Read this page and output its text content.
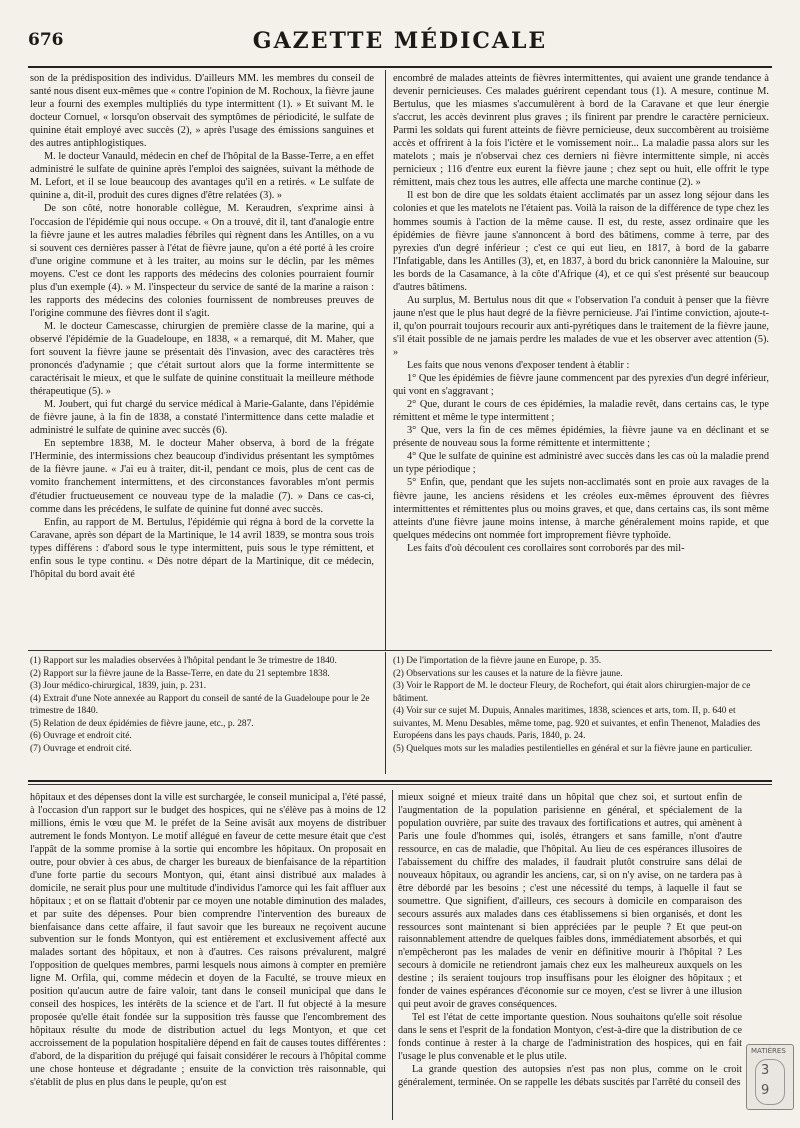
676	GAZETTE MÉDICALE

son de la prédisposition des individus. D'ailleurs MM. les membres du conseil de santé nous disent eux-mêmes que « contre l'opinion de M. Rochoux, la fièvre jaune leur a fourni des exemples multipliés du type intermittent (1). » Et suivant M. le docteur Cornuel, « lorsqu'on observait des symptômes de périodicité, le sulfate de quinine était employé avec succès (2), » après l'usage des émissions sanguines et des autres antiphlogistiques.

M. le docteur Vanauld, médecin en chef de l'hôpital de la Basse-Terre, a en effet administré le sulfate de quinine après l'emploi des saignées, suivant la méthode de M. Lefort, et il se loue beaucoup des avantages qu'il en a retirés. « Le sulfate de quinine a, dit-il, produit des cures dignes d'être relatées (3). »

De son côté, notre honorable collègue, M. Keraudren, s'exprime ainsi à l'occasion de l'épidémie qui nous occupe. « On a trouvé, dit il, tant d'analogie entre la fièvre jaune et les autres maladies fébriles qui règnent dans les Antilles, on a vu si souvent ces dernières passer à l'état de fièvre jaune, qu'on a été porté à les croire d'une origine commune et à les traiter, au moins sur le déclin, par les mêmes moyens. C'est ce dont les rapports des médecins des colonies pourraient fournir plus d'un exemple (4). » M. l'inspecteur du service de santé de la marine a raison : les rapports des médecins des colonies fournissent de nombreuses preuves de l'origine commune des fièvres dont il s'agit.

M. le docteur Camescasse, chirurgien de première classe de la marine, qui a observé l'épidémie de la Guadeloupe, en 1838, « a remarqué, dit M. Maher, que fort souvent la fièvre jaune se présentait dès l'invasion, avec des caractères très prononcés d'adynamie ; que c'était surtout alors que la forme intermittente se caractérisait le mieux, et que le sulfate de quinine constituait la meilleure méthode thérapeutique (5). »

M. Joubert, qui fut chargé du service médical à Marie-Galante, dans l'épidémie de fièvre jaune, à la fin de 1838, a constaté l'intermittence dans cette maladie et administré le sulfate de quinine avec succès (6).

En septembre 1838, M. le docteur Maher observa, à bord de la frégate l'Herminie, des intermissions chez beaucoup d'individus présentant les symptômes de la fièvre jaune. « J'ai eu à traiter, dit-il, pendant ce mois, plus de cent cas de vomito franchement intermittens, et des circonstances favorables m'ont permis d'étudier fructueusement ce nouveau type de la maladie (7). » Dans ce cas-ci, comme dans les précédens, le sulfate de quinine fut donné avec succès.

Enfin, au rapport de M. Bertulus, l'épidémie qui régna à bord de la corvette la Caravane, après son départ de la Martinique, le 14 avril 1839, se montra sous trois types différens : d'abord sous le type intermittent, puis sous le type rémittent, et enfin sous le type continu. « Dès notre départ de la Martinique, dit ce médecin, l'hôpital du bord avait été

encombré de malades atteints de fièvres intermittentes, qui avaient une grande tendance à devenir pernicieuses. Ces malades guérirent cependant tous (1). A mesure, continue M. Bertulus, que les miasmes s'accumulèrent à bord de la Caravane et que leur énergie s'accrut, les accès devinrent plus graves ; ils finirent par prendre le caractère pernicieux. Parmi les soldats qui furent atteints de fièvre pernicieuse, deux succombèrent au troisième accès et offrirent à la fois l'ictère et le vomissement noir... La maladie passa alors sur les matelots ; mais je n'observai chez ces derniers ni fièvre intermittente simple, ni accès pernicieux ; 116 d'entre eux eurent la fièvre jaune ; chez sept ou huit, elle offrit le type rémittent, mais chez tous les autres, elle affecta une marche continue (2). »

Il est bon de dire que les soldats étaient acclimatés par un assez long séjour dans les colonies et que les matelots ne l'étaient pas. Voilà la raison de la différence de type chez les hommes soumis à l'action de la même cause. Il est, du reste, assez ordinaire que les épidémies de fièvre jaune s'annoncent à bord des bâtimens, comme à terre, par des pyrexies d'un degré inférieur ; c'est ce qui eut lieu, en 1817, à bord de la gabarre l'Infatigable, dans les Antilles (3), et, en 1837, à bord du brick canonnière la Malouine, sur les bords de la Casamance, à la côte d'Afrique (4), et ce qui s'est présenté sur beaucoup d'autres bâtimens.

Au surplus, M. Bertulus nous dit que « l'observation l'a conduit à penser que la fièvre jaune n'est que le plus haut degré de la fièvre pernicieuse. J'ai l'intime conviction, ajoute-t-il, qu'on pourrait toujours recourir aux anti-pyrétiques dans le traitement de la fièvre jaune, s'il était possible de ne jamais perdre les malades de vue et les observer avec attention (5). »

Les faits que nous venons d'exposer tendent à établir :

1° Que les épidémies de fièvre jaune commencent par des pyrexies d'un degré inférieur, qui vont en s'aggravant ;

2° Que, durant le cours de ces épidémies, la maladie revêt, dans certains cas, le type rémittent et même le type intermittent ;

3° Que, vers la fin de ces mêmes épidémies, la fièvre jaune va en déclinant et se présente de nouveau sous la forme rémittente et intermittente ;

4° Que le sulfate de quinine est administré avec succès dans les cas où la maladie prend un type périodique ;

5° Enfin, que, pendant que les sujets non-acclimatés sont en proie aux ravages de la fièvre jaune, les anciens résidens et les créoles eux-mêmes éprouvent des fièvres intermittentes et rémittentes plus ou moins graves, et que, dans certains cas, ils sont même atteints d'une fièvre jaune moins intense, à marche généralement moins rapide, et que quelques médecins ont nommée fort improprement fièvre typhoïde.

Les faits d'où découlent ces corollaires sont corroborés par des mil-

(1) Rapport sur les maladies observées à l'hôpital pendant le 3e trimestre de 1840.
(2) Rapport sur la fièvre jaune de la Basse-Terre, en date du 21 septembre 1838.
(3) Jour médico-chirurgical, 1839, juin, p. 231.
(4) Extrait d'une Note annexée au Rapport du conseil de santé de la Guadeloupe pour le 2e trimestre de 1840.
(5) Relation de deux épidémies de fièvre jaune, etc., p. 287.
(6) Ouvrage et endroit cité.
(7) Ouvrage et endroit cité.
(1) De l'importation de la fièvre jaune en Europe, p. 35.
(2) Observations sur les causes et la nature de la fièvre jaune.
(3) Voir le Rapport de M. le docteur Fleury, de Rochefort, qui était alors chirurgien-major de ce bâtiment.
(4) Voir sur ce sujet M. Dupuis, Annales maritimes, 1838, sciences et arts, tom. II, p. 640 et suivantes, M. Menu Desables, même tome, pag. 920 et suivantes, et enfin Thenenot, Maladies des Européens dans les pays chauds. Paris, 1840, p. 24.
(5) Quelques mots sur les maladies pestilentielles en général et sur la fièvre jaune en particulier.

hôpitaux et des dépenses dont la ville est surchargée, le conseil municipal a, l'été passé, à l'occasion d'un rapport sur le budget des hospices, qui ne s'élève pas à moins de 12 millions, émis le vœu que M. le préfet de la Seine avisât aux moyens de distribuer autrement le fonds Montyon. Le motif allégué en faveur de cette mesure était que c'est l'appât de la somme promise à la sortie qui encombre les hôpitaux. On proposait en outre, pour obvier à ces abus, de charger les bureaux de bienfaisance de la répartition d'une forte partie du secours Montyon, qui, étant ainsi distribué aux malades à domicile, ne serait plus pour une multitude d'individus l'amorce qui les fait affluer aux hôpitaux ; et on se flattait d'obtenir par ce moyen une notable diminution des malades, et par suite des dépenses. Pour bien comprendre l'intervention des bureaux de bienfaisance dans cette affaire, il faut savoir que les bureaux ne reçoivent aucune subvention sur le fonds Montyon, qui est entièrement et exclusivement affecté aux malades sortant des hôpitaux, et non à d'autres. Ces raisons prévalurent, malgré l'opposition de quelques membres, parmi lesquels nous aimons à compter en première ligne M. Orfila, qui, comme médecin et doyen de la Faculté, se trouve mieux en position qu'aucun autre de faire valoir, tant dans le conseil municipal que dans le conseil des hospices, les intérêts de la science et de l'art. Il fut objecté à la mesure proposée qu'elle était fondée sur la supposition très fausse que l'encombrement des hôpitaux résulte du mode de distribution actuel du legs Montyon, et que cet accroissement de la population hospitalière dépend en fait de causes toutes différentes : d'abord, de la disparition du préjugé qui faisait considérer le recours à l'hôpital comme une chose honteuse et dégradante ; ensuite de la conviction très raisonnable, qui s'établit de plus en plus dans le peuple, qu'on est

mieux soigné et mieux traité dans un hôpital que chez soi, et surtout enfin de l'augmentation de la population parisienne en général, et spécialement de la population ouvrière, par suite des travaux des fortifications et autres, qui amènent à Paris une foule d'hommes qui, isolés, étrangers et sans famille, n'ont d'autre ressource, en cas de maladie, que l'hôpital. Au lieu de ces espérances illusoires de l'abaissement du chiffre des malades, il faudrait plutôt construire sans délai de nouveaux hôpitaux, ou agrandir les anciens, car, si on n'y avise, on ne tardera pas à être débordé par les besoins ; c'est une nécessité du temps, à laquelle il faut se soumettre. Que signifient, d'ailleurs, ces secours à domicile en comparaison des secours assurés aux malades dans ces établissemens si bien organisés, et dont les ressources sont maintenant si bien appréciées par le peuple ? Et que peut-on raisonnablement attendre de quelques faibles dons, immédiatement absorbés, et qui n'empêcheront pas les malades de venir en définitive mourir à l'hôpital ? Les secours à domicile ne retiendront jamais chez eux les malheureux auxquels on les destine ; ils seraient toujours trop insuffisans pour les éloigner des hôpitaux ; et fonder de vaines espérances d'économie sur ce moyen, c'est se livrer à une illusion qui peut avoir de graves conséquences.

Tel est l'état de cette importante question. Nous souhaitons qu'elle soit résolue dans le sens et l'esprit de la fondation Montyon, c'est-à-dire que la distribution de ce fonds continue à rester à la charge de l'administration des hospices, qui en fait l'usage le plus convenable et le plus utile.

La grande question des autopsies n'est pas non plus, comme on le croit généralement, terminée. On se rappelle les débats suscités par l'arrêté du conseil des

MATIÈRES
3
9
